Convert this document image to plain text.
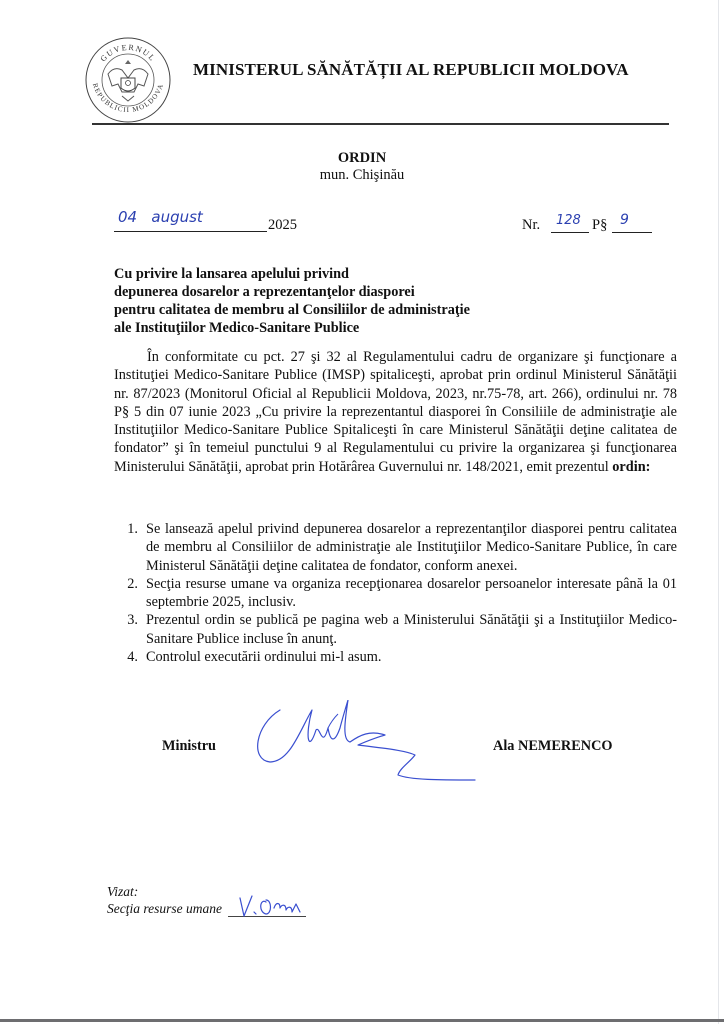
GUVERNUL
REPUBLICII MOLDOVA
MINISTERUL SĂNĂTĂȚII AL REPUBLICII MOLDOVA
ORDIN
mun. Chişinău
04   august	2025	Nr. 128 P§ 9
Cu privire la lansarea apelului privind
depunerea dosarelor a reprezentanţelor diasporei
pentru calitatea de membru al Consiliilor de administraţie
ale Instituţiilor Medico-Sanitare Publice
În conformitate cu pct. 27 şi 32 al Regulamentului cadru de organizare şi funcţionare a Instituţiei Medico-Sanitare Publice (IMSP) spitaliceşti, aprobat prin ordinul Ministerul Sănătăţii nr. 87/2023 (Monitorul Oficial al Republicii Moldova, 2023, nr.75-78, art. 266), ordinului nr. 78 P§ 5 din 07 iunie 2023 „Cu privire la reprezentantul diasporei în Consiliile de administraţie ale Instituţiilor Medico-Sanitare Publice Spitaliceşti în care Ministerul Sănătăţii deţine calitatea de fondator” şi în temeiul punctului 9 al Regulamentului cu privire la organizarea şi funcţionarea Ministerului Sănătăţii, aprobat prin Hotărârea Guvernului nr. 148/2021, emit prezentul ordin:
1. Se lansează apelul privind depunerea dosarelor a reprezentanţilor diasporei pentru calitatea de membru al Consiliilor de administraţie ale Instituţiilor Medico-Sanitare Publice, în care Ministerul Sănătăţii deţine calitatea de fondator, conform anexei.
2. Secţia resurse umane va organiza recepţionarea dosarelor persoanelor interesate până la 01 septembrie 2025, inclusiv.
3. Prezentul ordin se publică pe pagina web a Ministerului Sănătăţii şi a Instituţiilor Medico-Sanitare Publice incluse în anunţ.
4. Controlul executării ordinului mi-l asum.
Ministru	Ala NEMERENCO
Vizat:
Secţia resurse umane
